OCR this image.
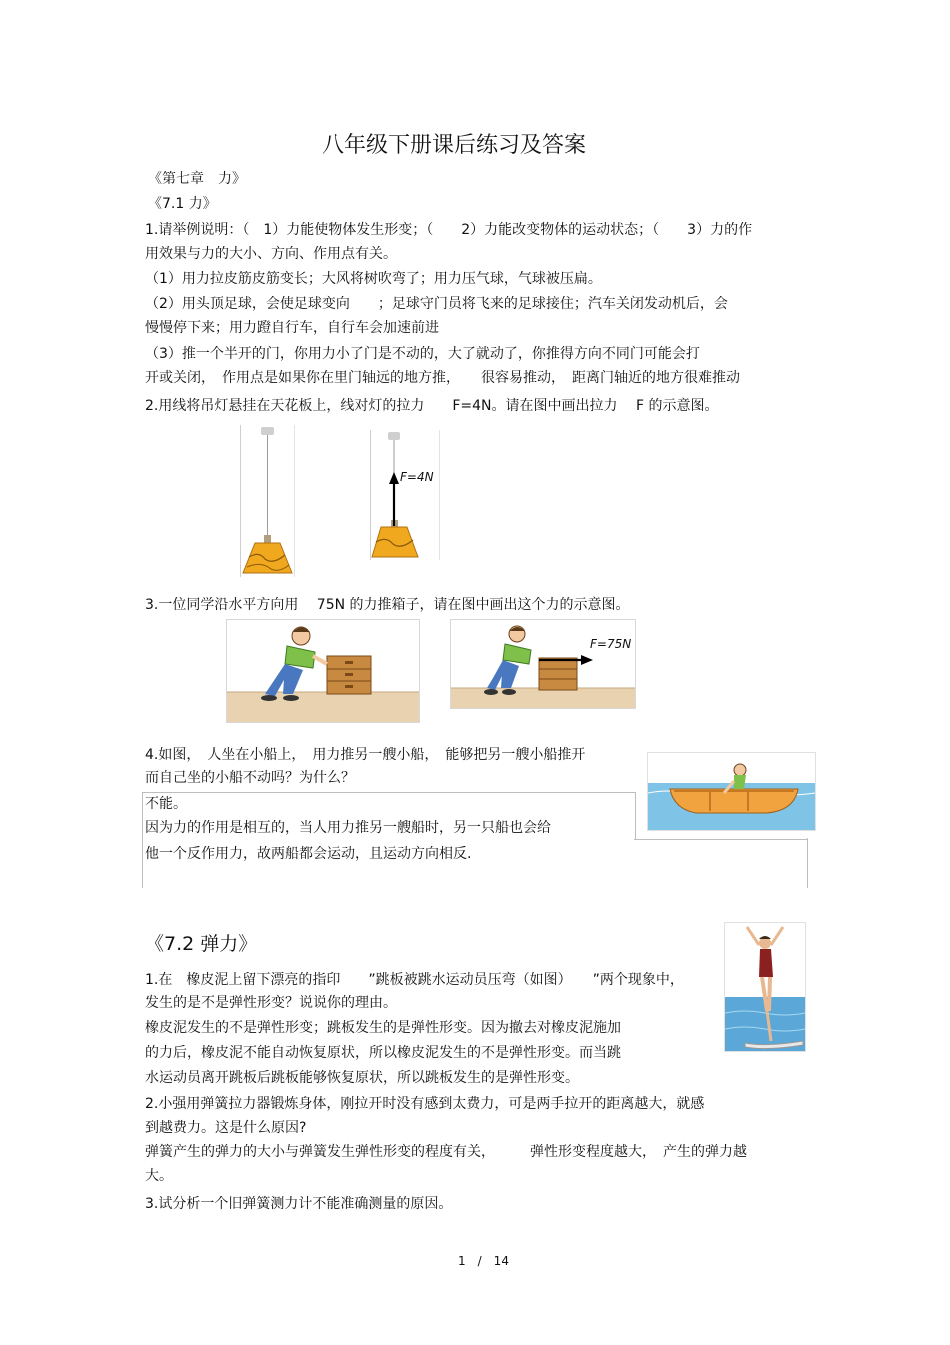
八年级下册课后练习及答案
《第七章　力》
《7.1 力》
1.请举例说明：（　1）力能使物体发生形变；（　　2）力能改变物体的运动状态；（　　3）力的作
用效果与力的大小、方向、作用点有关。
（1）用力拉皮筋皮筋变长；大风将树吹弯了；用力压气球，气球被压扁。
（2）用头顶足球，会使足球变向　　；足球守门员将飞来的足球接住；汽车关闭发动机后，会
慢慢停下来；用力蹬自行车，自行车会加速前进
（3）推一个半开的门，你用力小了门是不动的，大了就动了，你推得方向不同门可能会打
开或关闭，　作用点是如果你在里门轴远的地方推，　　很容易推动，　距离门轴近的地方很难推动
2.用线将吊灯悬挂在天花板上，线对灯的拉力　　F=4N。请在图中画出拉力　 F 的示意图。
F=4N
3.一位同学沿水平方向用　 75N 的力推箱子，请在图中画出这个力的示意图。
F=75N
4.如图，　人坐在小船上，　用力推另一艘小船，　能够把另一艘小船推开
而自己坐的小船不动吗？为什么？
不能。
因为力的作用是相互的，当人用力推另一艘船时，另一只船也会给
他一个反作用力，故两船都会运动，且运动方向相反.
《7.2 弹力》
1.在　橡皮泥上留下漂亮的指印　　”跳板被跳水运动员压弯（如图）　　”两个现象中，
发生的是不是弹性形变？说说你的理由。
橡皮泥发生的不是弹性形变；跳板发生的是弹性形变。因为撤去对橡皮泥施加
的力后，橡皮泥不能自动恢复原状，所以橡皮泥发生的不是弹性形变。而当跳
水运动员离开跳板后跳板能够恢复原状，所以跳板发生的是弹性形变。
2.小强用弹簧拉力器锻炼身体，刚拉开时没有感到太费力，可是两手拉开的距离越大，就感
到越费力。这是什么原因?
弹簧产生的弹力的大小与弹簧发生弹性形变的程度有关，　　　弹性形变程度越大，　产生的弹力越
大。
3.试分析一个旧弹簧测力计不能准确测量的原因。
1　/　14
